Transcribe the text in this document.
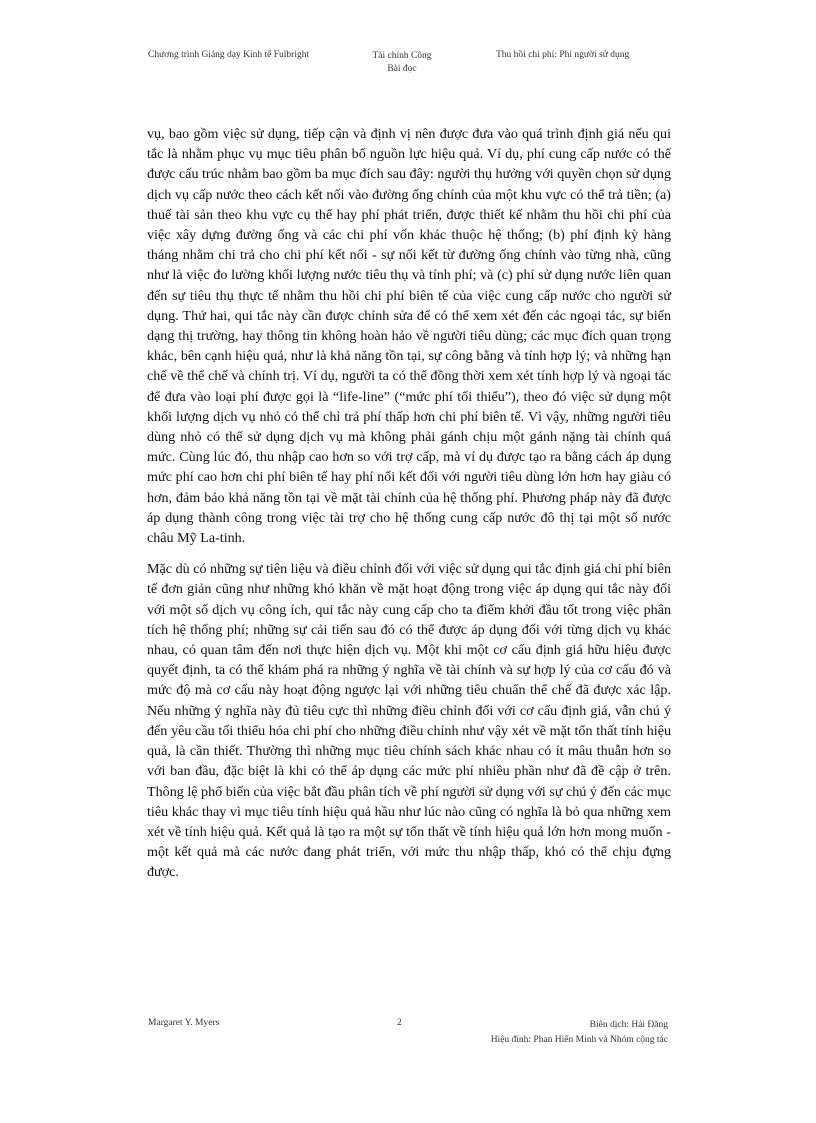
Chương trình Giảng dạy Kinh tế Fulbright	Tài chính Công
Bài đọc
Thu hồi chi phí: Phí người sử dụng

vụ, bao gồm việc sử dụng, tiếp cận và định vị nên được đưa vào quá trình định giá nếu qui tắc là nhằm phục vụ mục tiêu phân bổ nguồn lực hiệu quả. Ví dụ, phí cung cấp nước có thể được cấu trúc nhằm bao gồm ba mục đích sau đây: người thụ hưởng với quyền chọn sử dụng dịch vụ cấp nước theo cách kết nối vào đường ống chính của một khu vực có thể trả tiền; (a) thuế tài sản theo khu vực cụ thể hay phí phát triển, được thiết kế nhằm thu hồi chi phí của việc xây dựng đường ống và các chi phí vốn khác thuộc hệ thống; (b) phí định kỳ hàng tháng nhằm chi trả cho chi phí kết nối - sự nối kết từ đường ống chính vào từng nhà, cũng như là việc đo lường khối lượng nước tiêu thụ và tính phí; và (c) phí sử dụng nước liên quan đến sự tiêu thụ thực tế nhằm thu hồi chi phí biên tế của việc cung cấp nước cho người sử dụng. Thứ hai, qui tắc này cần được chỉnh sửa để có thể xem xét đến các ngoại tác, sự biến dạng thị trường, hay thông tin không hoàn hảo về người tiêu dùng; các mục đích quan trọng khác, bên cạnh hiệu quả, như là khả năng tồn tại, sự công bằng và tính hợp lý; và những hạn chế về thể chế và chính trị. Ví dụ, người ta có thể đồng thời xem xét tính hợp lý và ngoại tác để đưa vào loại phí được gọi là “life-line” (“mức phí tối thiểu”), theo đó việc sử dụng một khối lượng dịch vụ nhỏ có thể chỉ trả phí thấp hơn chi phí biên tế. Vì vậy, những người tiêu dùng nhỏ có thể sử dụng dịch vụ mà không phải gánh chịu một gánh nặng tài chính quá mức. Cùng lúc đó, thu nhập cao hơn so với trợ cấp, mà ví dụ được tạo ra bằng cách áp dụng mức phí cao hơn chi phí biên tế hay phí nối kết đối với người tiêu dùng lớn hơn hay giàu có hơn, đảm bảo khả năng tồn tại về mặt tài chính của hệ thống phí. Phương pháp này đã được áp dụng thành công trong việc tài trợ cho hệ thống cung cấp nước đô thị tại một số nước châu Mỹ La-tinh.

Mặc dù có những sự tiên liệu và điều chỉnh đối với việc sử dụng qui tắc định giá chi phí biên tế đơn giản cũng như những khó khăn về mặt hoạt động trong việc áp dụng qui tắc này đối với một số dịch vụ công ích, qui tắc này cung cấp cho ta điểm khởi đầu tốt trong việc phân tích hệ thống phí; những sự cải tiến sau đó có thể được áp dụng đối với từng dịch vụ khác nhau, có quan tâm đến nơi thực hiện dịch vụ. Một khi một cơ cấu định giá hữu hiệu được quyết định, ta có thể khám phá ra những ý nghĩa về tài chính và sự hợp lý của cơ cấu đó và mức độ mà cơ cấu này hoạt động ngược lại với những tiêu chuẩn thể chế đã được xác lập. Nếu những ý nghĩa này đủ tiêu cực thì những điều chỉnh đối với cơ cấu định giá, vẫn chú ý đến yêu cầu tối thiểu hóa chi phí cho những điều chỉnh như vậy xét về mặt tổn thất tính hiệu quả, là cần thiết. Thường thì những mục tiêu chính sách khác nhau có ít mâu thuẫn hơn so với ban đầu, đặc biệt là khi có thể áp dụng các mức phí nhiều phần như đã đề cập ở trên. Thông lệ phổ biến của việc bắt đầu phân tích về phí người sử dụng với sự chú ý đến các mục tiêu khác thay vì mục tiêu tính hiệu quả hầu như lúc nào cũng có nghĩa là bỏ qua những xem xét về tính hiệu quả. Kết quả là tạo ra một sự tổn thất về tính hiệu quả lớn hơn mong muốn - một kết quả mà các nước đang phát triển, với mức thu nhập thấp, khó có thể chịu đựng được.

Margaret Y. Myers	2	Biên dịch: Hải Đăng
Hiệu đính: Phan Hiển Minh và Nhóm cộng tác
